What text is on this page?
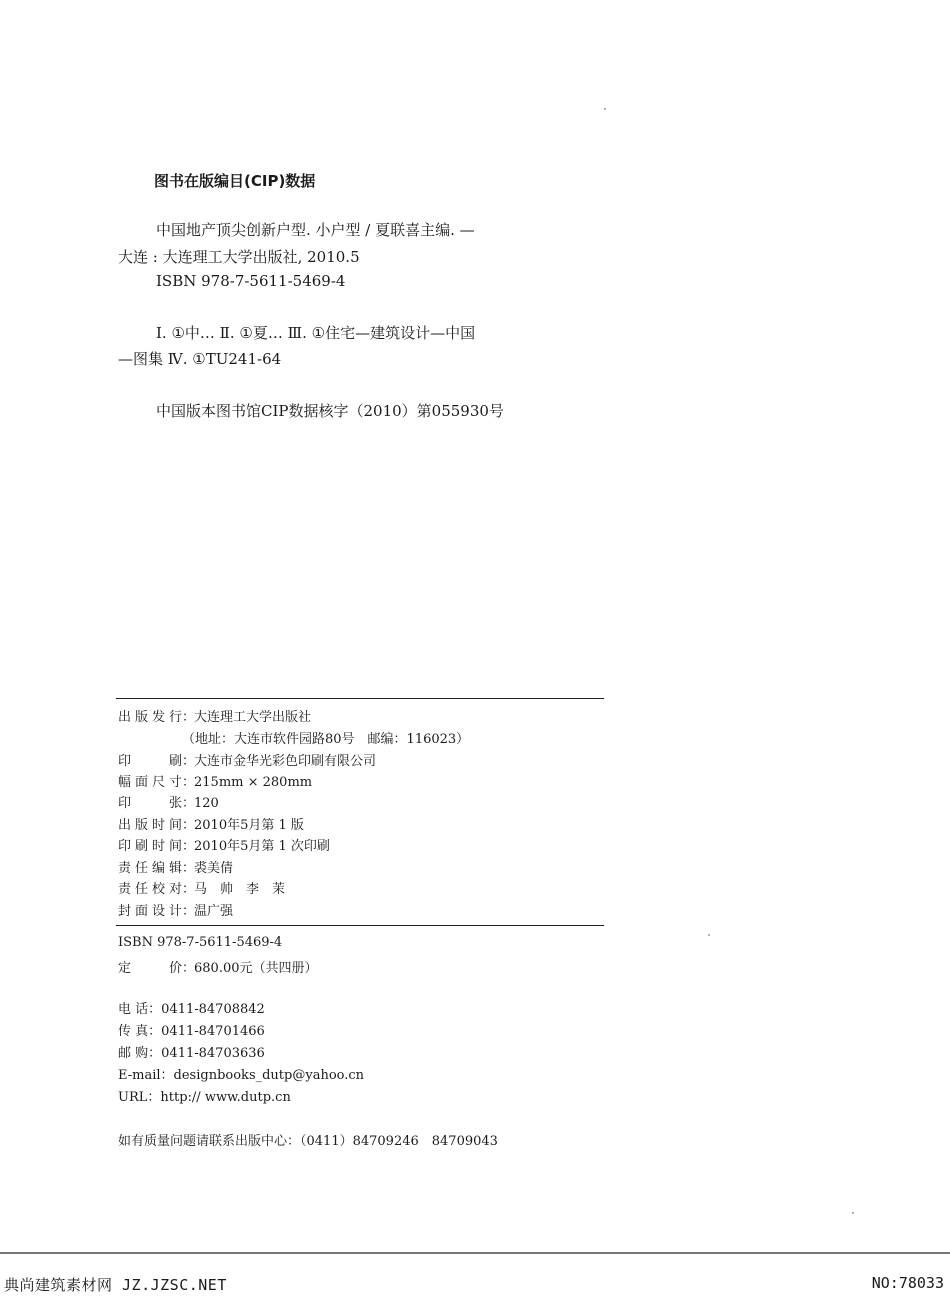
图书在版编目(CIP)数据
中国地产顶尖创新户型. 小户型 / 夏联喜主编. —
大连 : 大连理工大学出版社, 2010.5
ISBN 978-7-5611-5469-4
Ⅰ. ①中… Ⅱ. ①夏… Ⅲ. ①住宅—建筑设计—中国
—图集 Ⅳ. ①TU241-64
中国版本图书馆CIP数据核字（2010）第055930号
出版发行：大连理工大学出版社
（地址：大连市软件园路80号　邮编：116023）
印　刷：大连市金华光彩色印刷有限公司
幅面尺寸：215mm × 280mm
印　张：120
出版时间：2010年5月第 1 版
印刷时间：2010年5月第 1 次印刷
责任编辑：裘美倩
责任校对：马　帅　李　茉
封面设计：温广强
ISBN 978-7-5611-5469-4
定　价：680.00元（共四册）
电 话：0411-84708842
传 真：0411-84701466
邮 购：0411-84703636
E-mail：designbooks_dutp@yahoo.cn
URL：http:// www.dutp.cn
如有质量问题请联系出版中心：（0411）84709246　84709043
典尚建筑素材网 JZ.JZSC.NET	NO:78033
